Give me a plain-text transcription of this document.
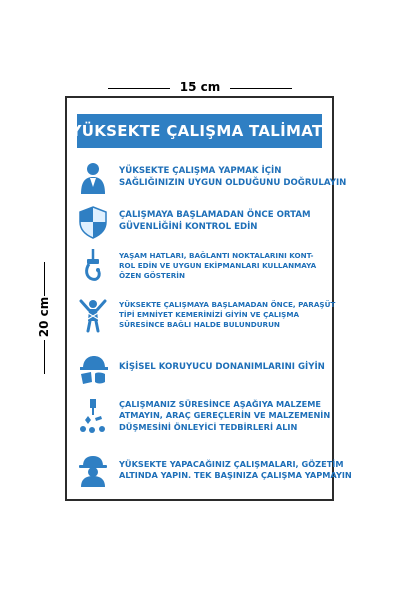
15 cm
20 cm
YÜKSEKTE ÇALIŞMA TALİMATI
YÜKSEKTE ÇALIŞMA YAPMAK İÇİN
SAĞLIĞINIZIN UYGUN OLDUĞUNU DOĞRULAYIN
ÇALIŞMAYA BAŞLAMADAN ÖNCE ORTAM
GÜVENLİĞİNİ KONTROL EDİN
YAŞAM HATLARI, BAĞLANTI NOKTALARINI KONT-
ROL EDİN VE UYGUN EKİPMANLARI KULLANMAYA
ÖZEN GÖSTERİN
YÜKSEKTE ÇALIŞMAYA BAŞLAMADAN ÖNCE, PARAŞÜT
TİPİ EMNİYET KEMERİNİZİ GİYİN VE ÇALIŞMA
SÜRESİNCE BAĞLI HALDE BULUNDURUN
KİŞİSEL KORUYUCU DONANIMLARINI GİYİN
ÇALIŞMANIZ SÜRESİNCE AŞAĞIYA MALZEME
ATMAYIN, ARAÇ GEREÇLERİN VE MALZEMENİN
DÜŞMESİNİ ÖNLEYİCİ TEDBİRLERİ ALIN
YÜKSEKTE YAPACAĞINIZ ÇALIŞMALARI, GÖZETİM
ALTINDA YAPIN. TEK BAŞINIZA ÇALIŞMA YAPMAYIN
